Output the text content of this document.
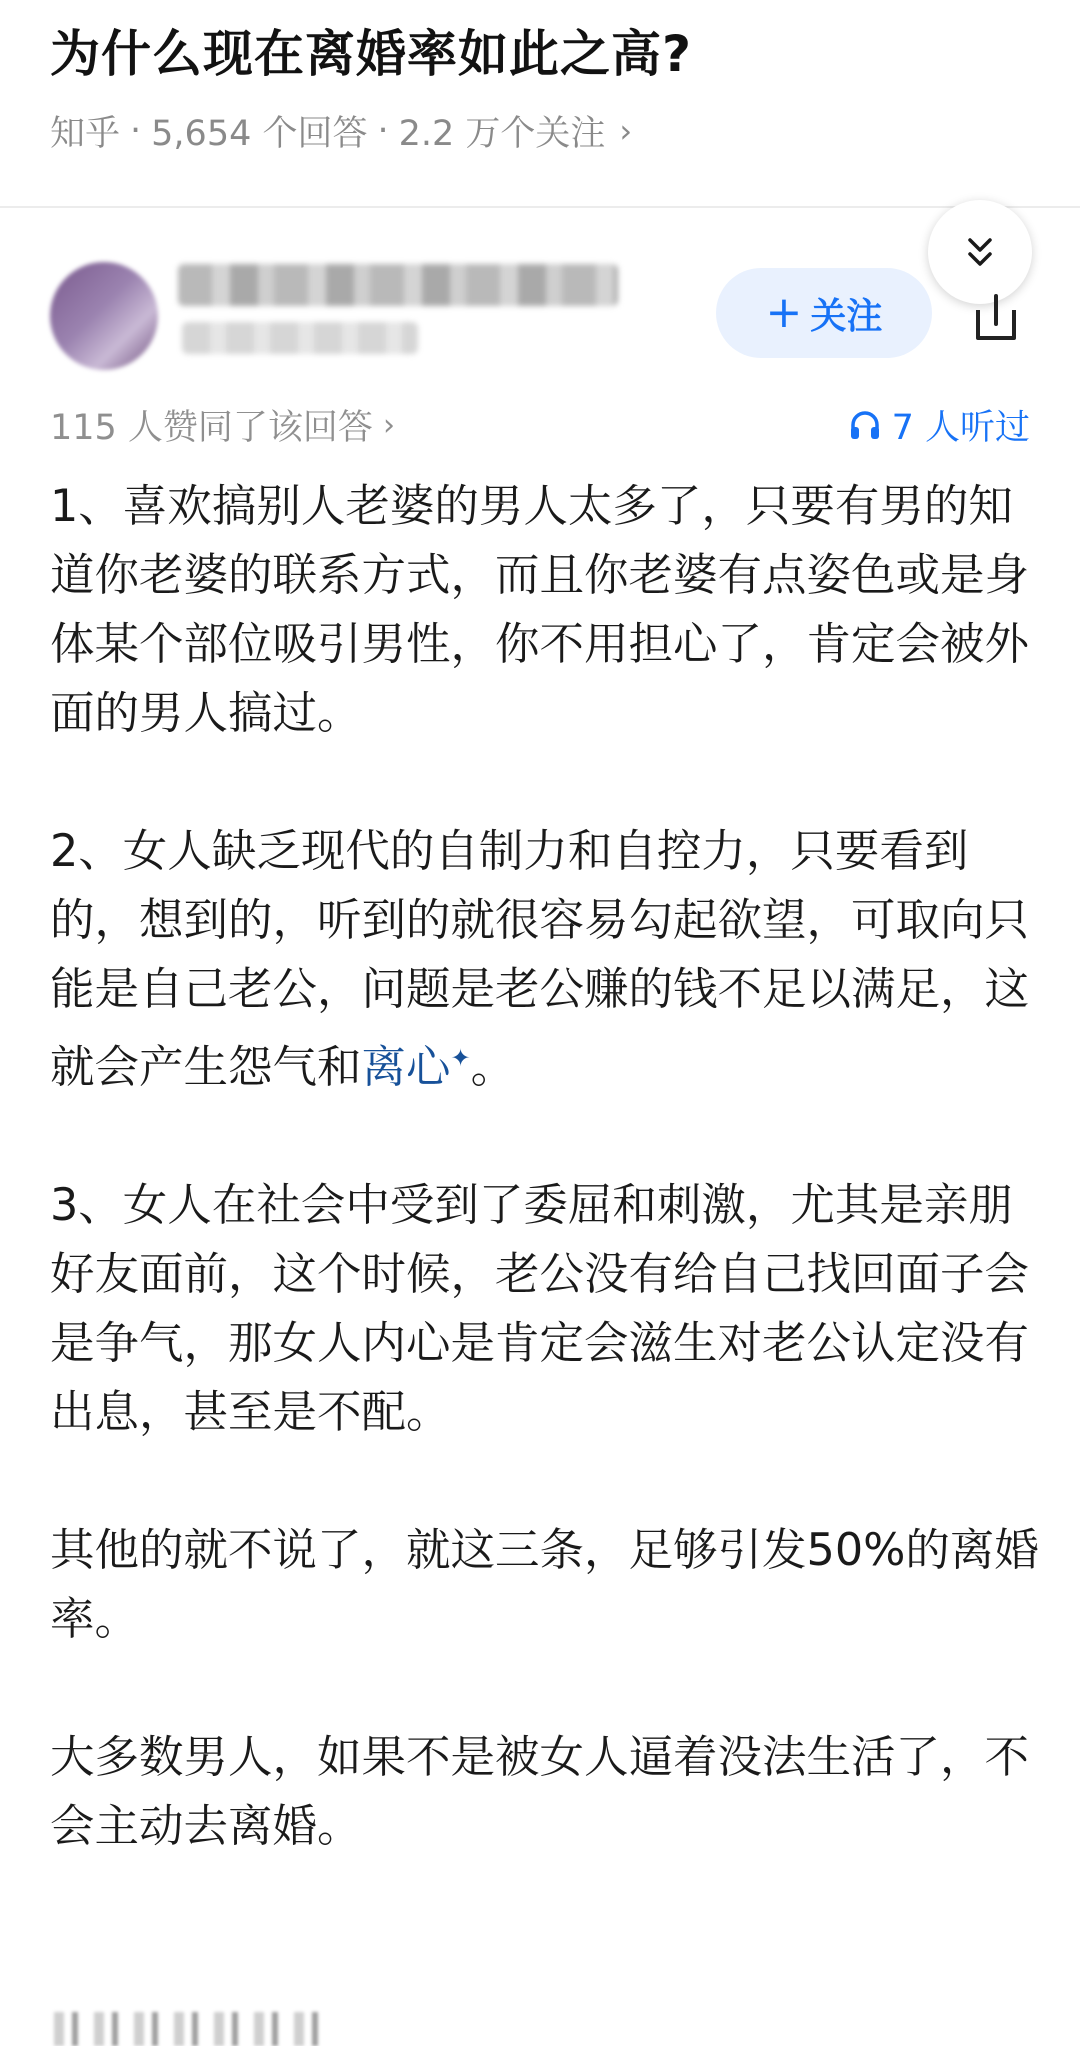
为什么现在离婚率如此之高?
知乎 · 5,654 个回答 · 2.2 万个关注 ›
+ 关注
115 人赞同了该回答 ›	7 人听过

1、喜欢搞别人老婆的男人太多了，只要有男的知道你老婆的联系方式，而且你老婆有点姿色或是身体某个部位吸引男性，你不用担心了，肯定会被外面的男人搞过。

2、女人缺乏现代的自制力和自控力，只要看到的，想到的，听到的就很容易勾起欲望，可取向只能是自己老公，问题是老公赚的钱不足以满足，这就会产生怨气和离心✦。

3、女人在社会中受到了委屈和刺激，尤其是亲朋好友面前，这个时候，老公没有给自己找回面子会是争气，那女人内心是肯定会滋生对老公认定没有出息，甚至是不配。

其他的就不说了，就这三条，足够引发50%的离婚率。

大多数男人，如果不是被女人逼着没法生活了，不会主动去离婚。
